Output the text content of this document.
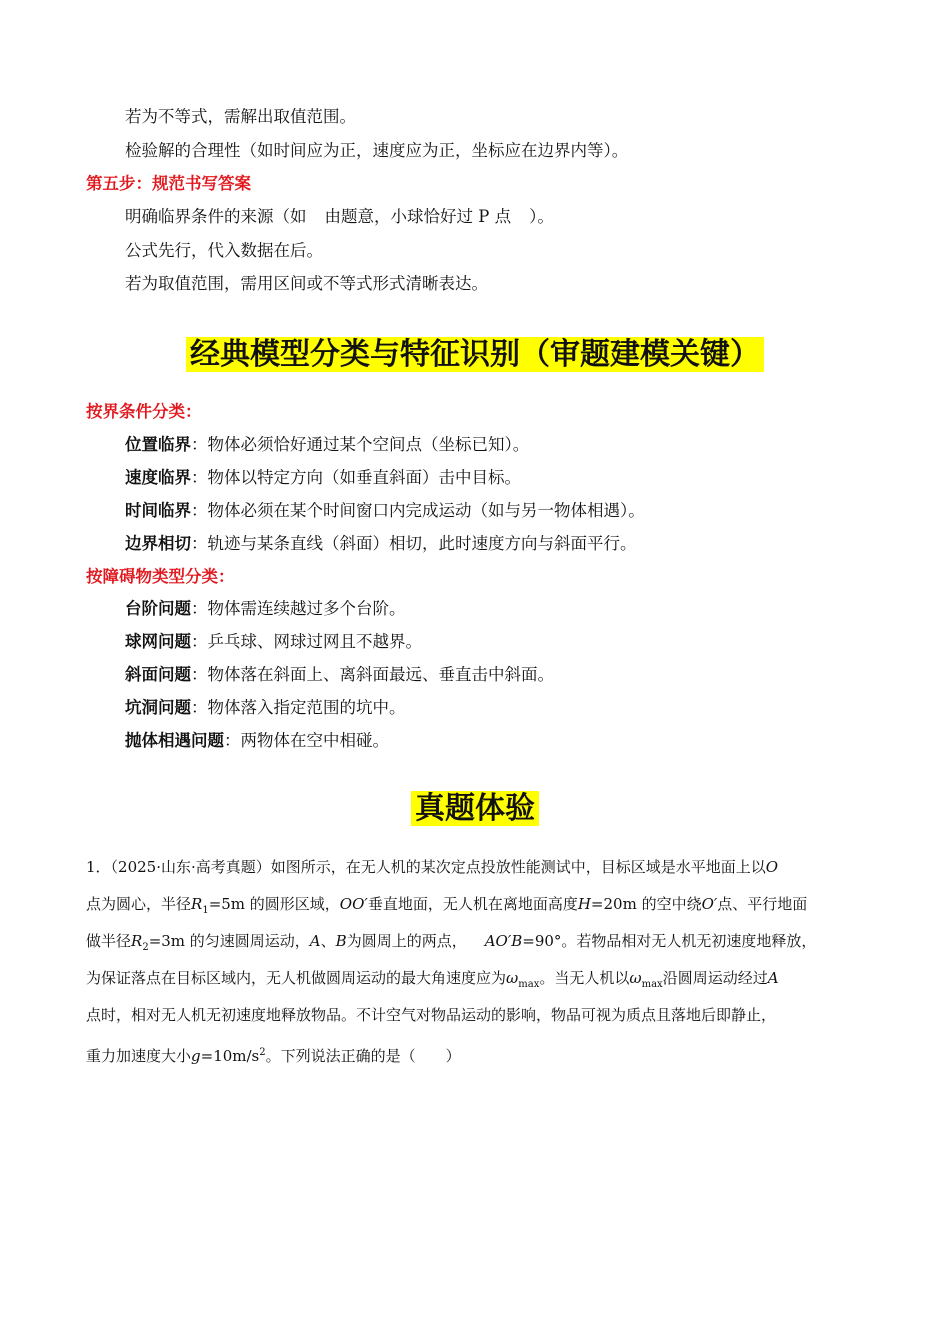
若为不等式，需解出取值范围。
检验解的合理性（如时间应为正，速度应为正，坐标应在边界内等）。
第五步：规范书写答案
明确临界条件的来源（如 由题意，小球恰好过 P 点 ）。
公式先行，代入数据在后。
若为取值范围，需用区间或不等式形式清晰表达。
经典模型分类与特征识别（审题建模关键）
按界条件分类：
位置临界：物体必须恰好通过某个空间点（坐标已知）。
速度临界：物体以特定方向（如垂直斜面）击中目标。
时间临界：物体必须在某个时间窗口内完成运动（如与另一物体相遇）。
边界相切：轨迹与某条直线（斜面）相切，此时速度方向与斜面平行。
按障碍物类型分类：
台阶问题：物体需连续越过多个台阶。
球网问题：乒乓球、网球过网且不越界。
斜面问题：物体落在斜面上、离斜面最远、垂直击中斜面。
坑洞问题：物体落入指定范围的坑中。
抛体相遇问题：两物体在空中相碰。
真题体验
1．（2025·山东·高考真题）如图所示，在无人机的某次定点投放性能测试中，目标区域是水平地面上以O
点为圆心，半径$R_1=5m$ 的圆形区域，OO′垂直地面，无人机在离地面高度H=20m 的空中绕O′点、平行地面
做半径$R_2=3m$ 的匀速圆周运动，A、B为圆周上的两点， AO′B=90°。若物品相对无人机无初速度地释放，
为保证落点在目标区域内，无人机做圆周运动的最大角速度应为$\omega_{max}$。当无人机以$\omega_{max}$沿圆周运动经过A
点时，相对无人机无初速度地释放物品。不计空气对物品运动的影响，物品可视为质点且落地后即静止，
重力加速度大小$g=10m/s^2$。下列说法正确的是（　　）
